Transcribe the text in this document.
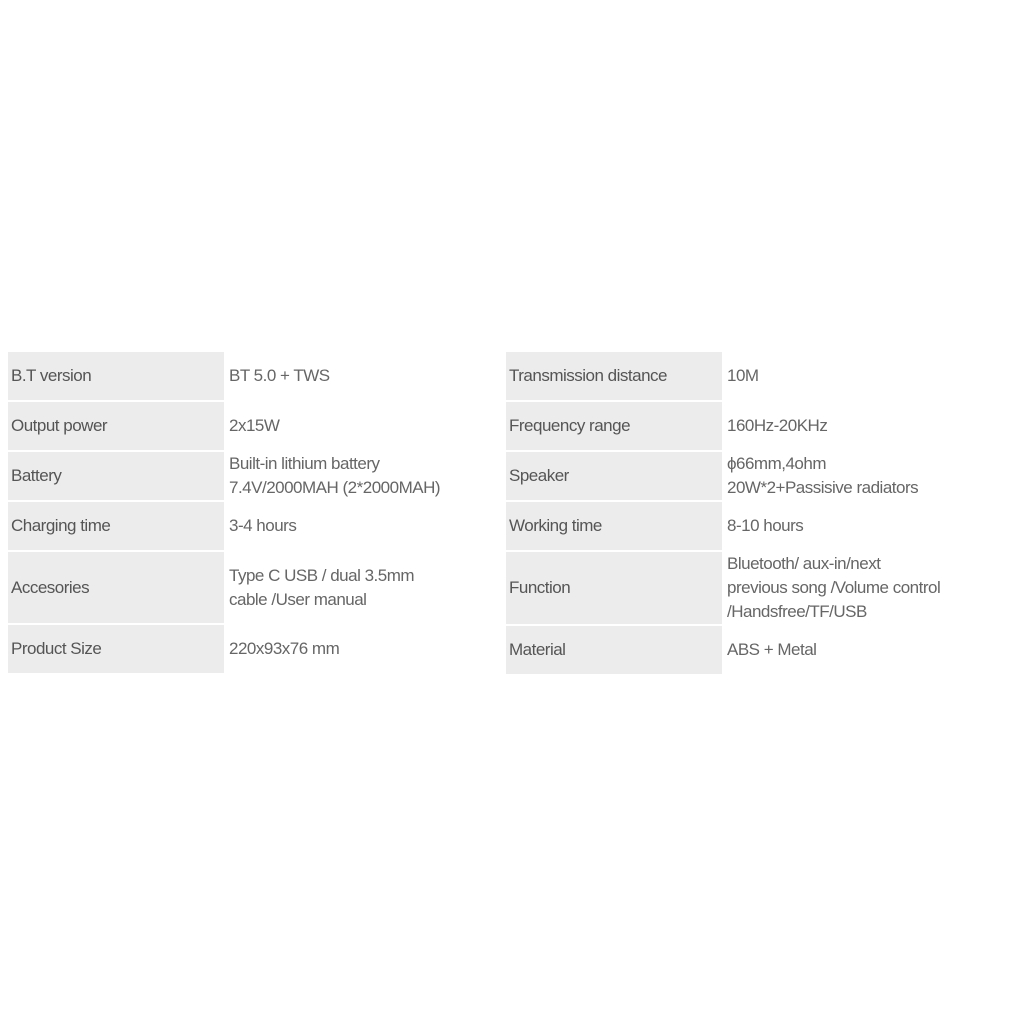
B.T version	BT 5.0 + TWS

Output power	2x15W

Battery	Built-in lithium battery
7.4V/2000MAH (2*2000MAH)

Charging time	3-4 hours

Accesories	Type C USB / dual 3.5mm
cable /User manual

Product Size	220x93x76 mm
Transmission distance	10M

Frequency range	160Hz-20KHz

Speaker	ϕ66mm,4ohm
20W*2+Passisive radiators

Working time	8-10 hours

Function	Bluetooth/ aux-in/next
previous song /Volume control
/Handsfree/TF/USB

Material	ABS + Metal
